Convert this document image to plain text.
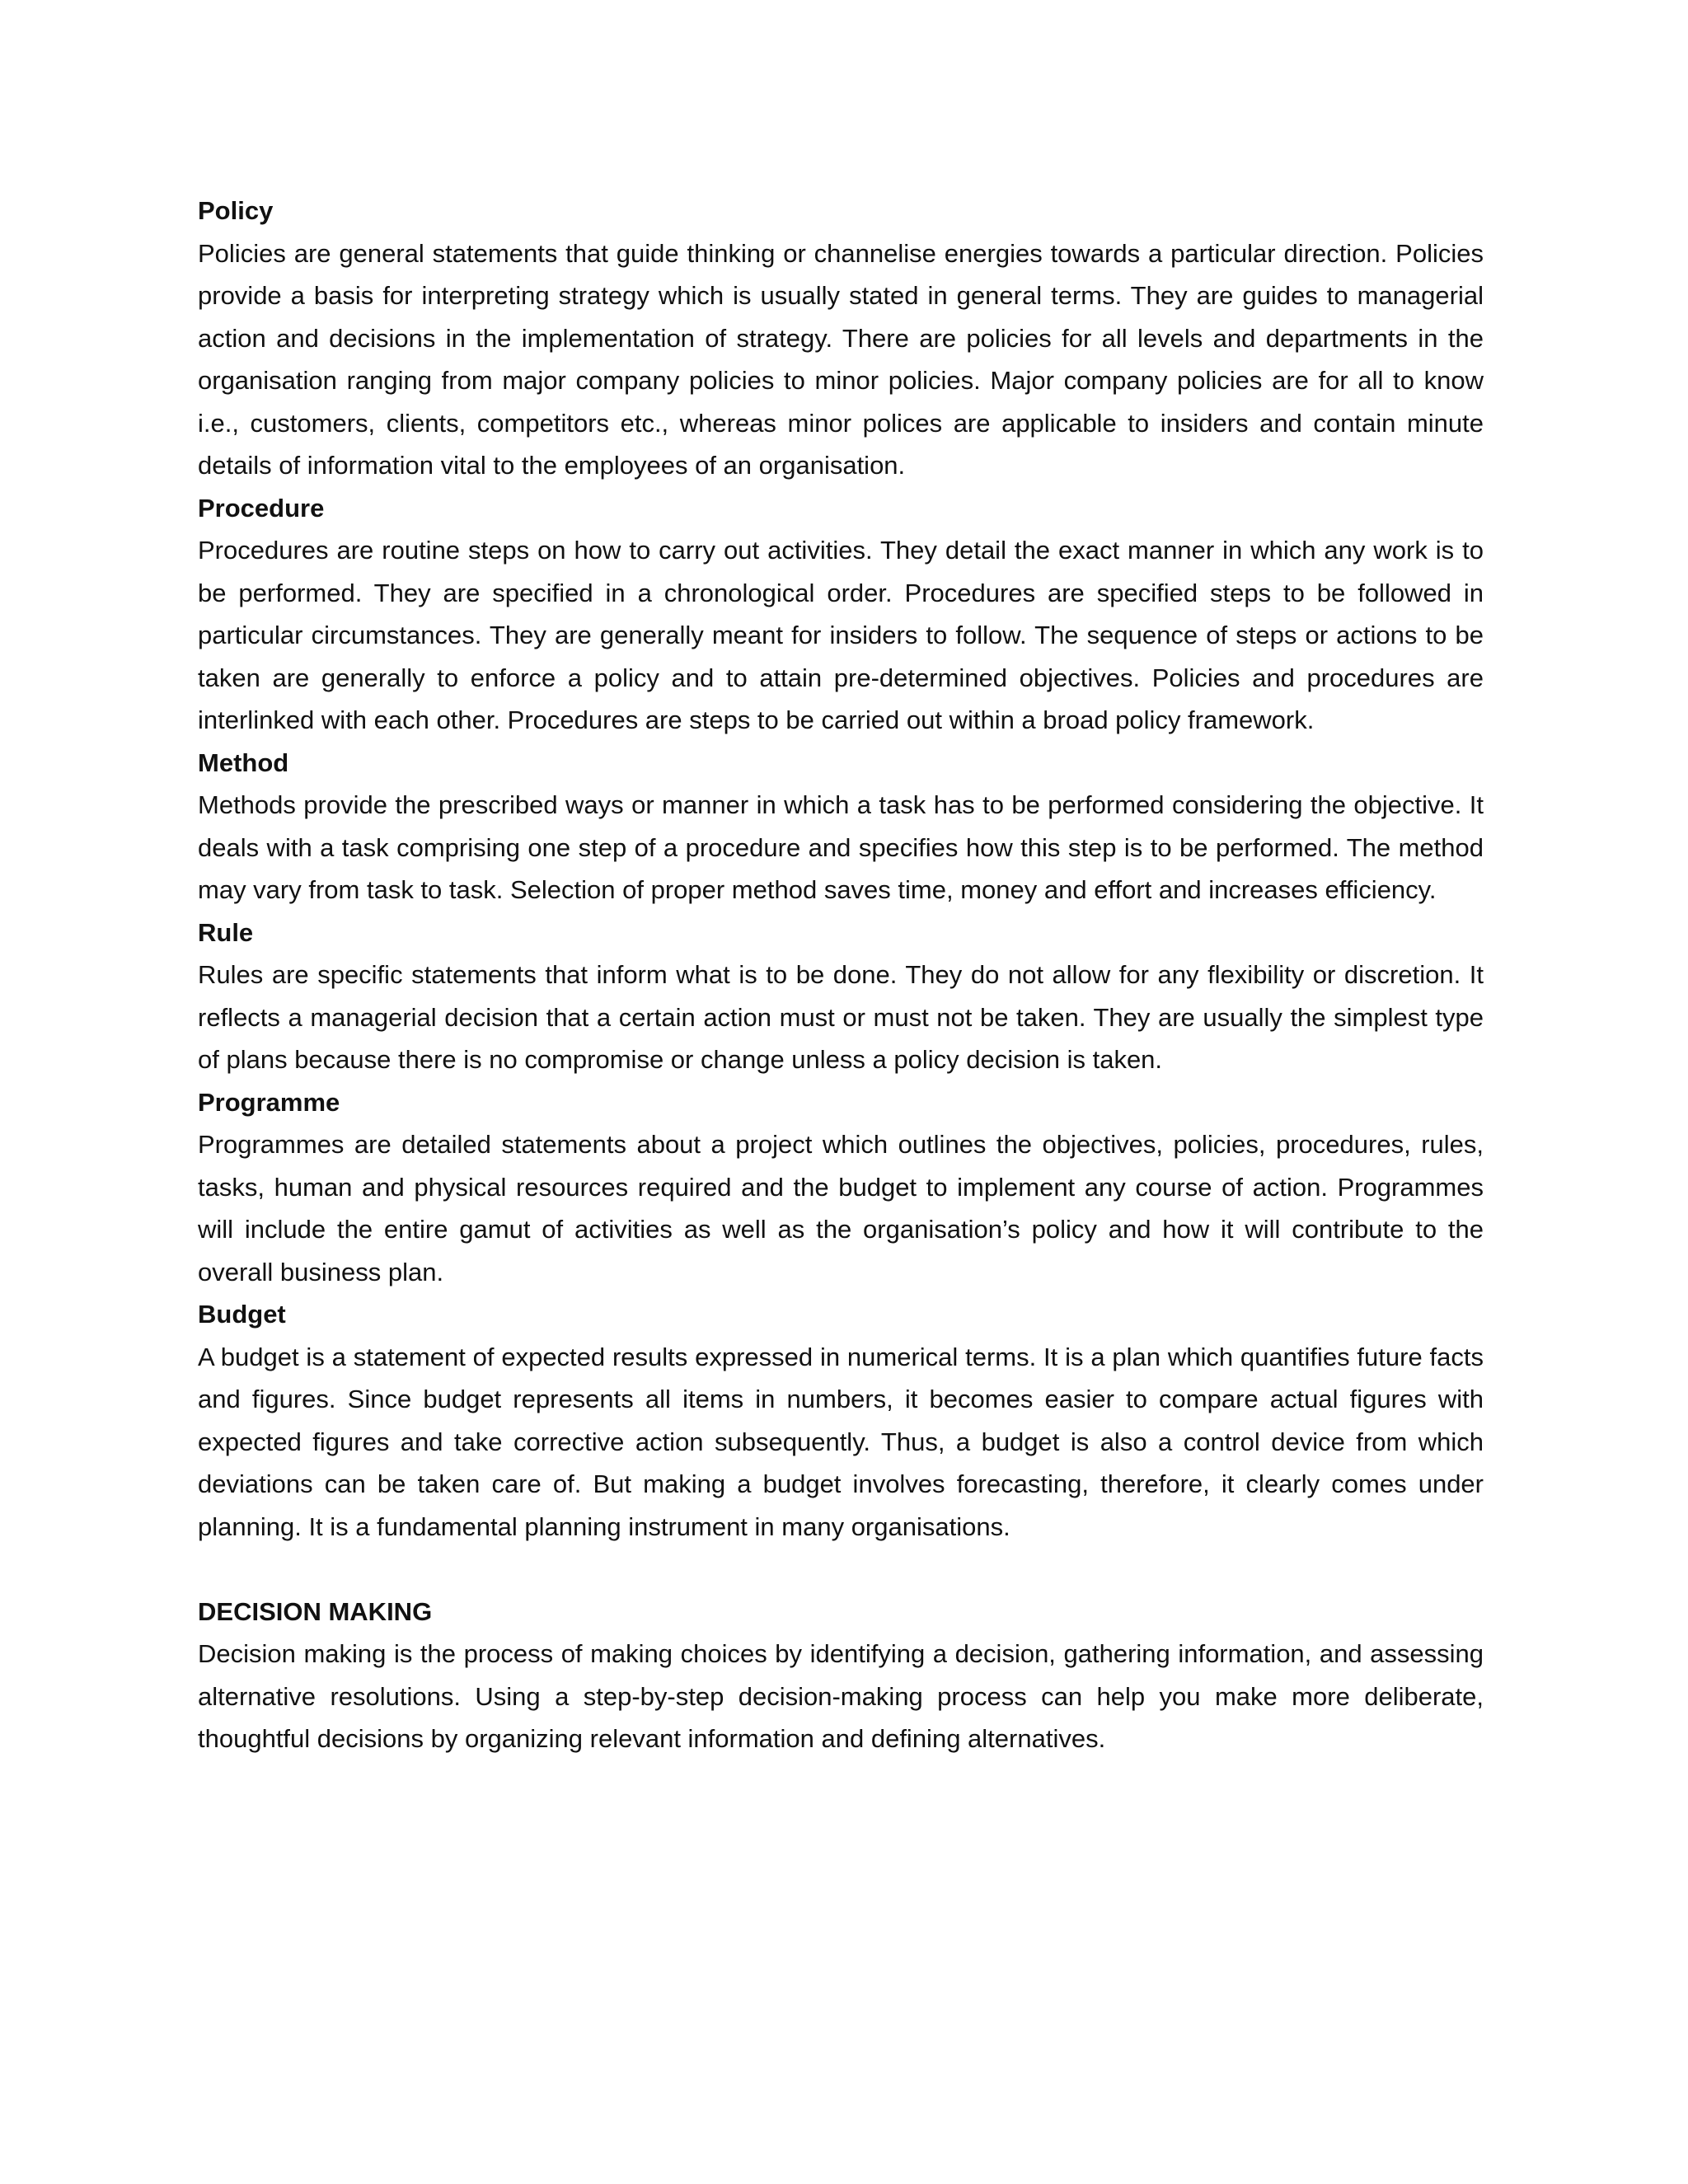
Policy

Policies are general statements that guide thinking or channelise energies towards a particular direction. Policies provide a basis for interpreting strategy which is usually stated in general terms. They are guides to managerial action and decisions in the implementation of strategy. There are policies for all levels and departments in the organisation ranging from major company policies to minor policies. Major company policies are for all to know i.e., customers, clients, competitors etc., whereas minor polices are applicable to insiders and contain minute details of information vital to the employees of an organisation.

Procedure

Procedures are routine steps on how to carry out activities. They detail the exact manner in which any work is to be performed. They are specified in a chronological order. Procedures are specified steps to be followed in particular circumstances. They are generally meant for insiders to follow. The sequence of steps or actions to be taken are generally to enforce a policy and to attain pre-determined objectives. Policies and procedures are interlinked with each other. Procedures are steps to be carried out within a broad policy framework.

Method

Methods provide the prescribed ways or manner in which a task has to be performed considering the objective. It deals with a task comprising one step of a procedure and specifies how this step is to be performed. The method may vary from task to task. Selection of proper method saves time, money and effort and increases efficiency.

Rule

Rules are specific statements that inform what is to be done. They do not allow for any flexibility or discretion. It reflects a managerial decision that a certain action must or must not be taken. They are usually the simplest type of plans because there is no compromise or change unless a policy decision is taken.

Programme

Programmes are detailed statements about a project which outlines the objectives, policies, procedures, rules, tasks, human and physical resources required and the budget to implement any course of action. Programmes will include the entire gamut of activities as well as the organisation’s policy and how it will contribute to the overall business plan.

Budget

A budget is a statement of expected results expressed in numerical terms. It is a plan which quantifies future facts and figures. Since budget represents all items in numbers, it becomes easier to compare actual figures with expected figures and take corrective action subsequently. Thus, a budget is also a control device from which deviations can be taken care of. But making a budget involves forecasting, therefore, it clearly comes under planning. It is a fundamental planning instrument in many organisations.

DECISION MAKING

Decision making is the process of making choices by identifying a decision, gathering information, and assessing alternative resolutions. Using a step-by-step decision-making process can help you make more deliberate, thoughtful decisions by organizing relevant information and defining alternatives.
